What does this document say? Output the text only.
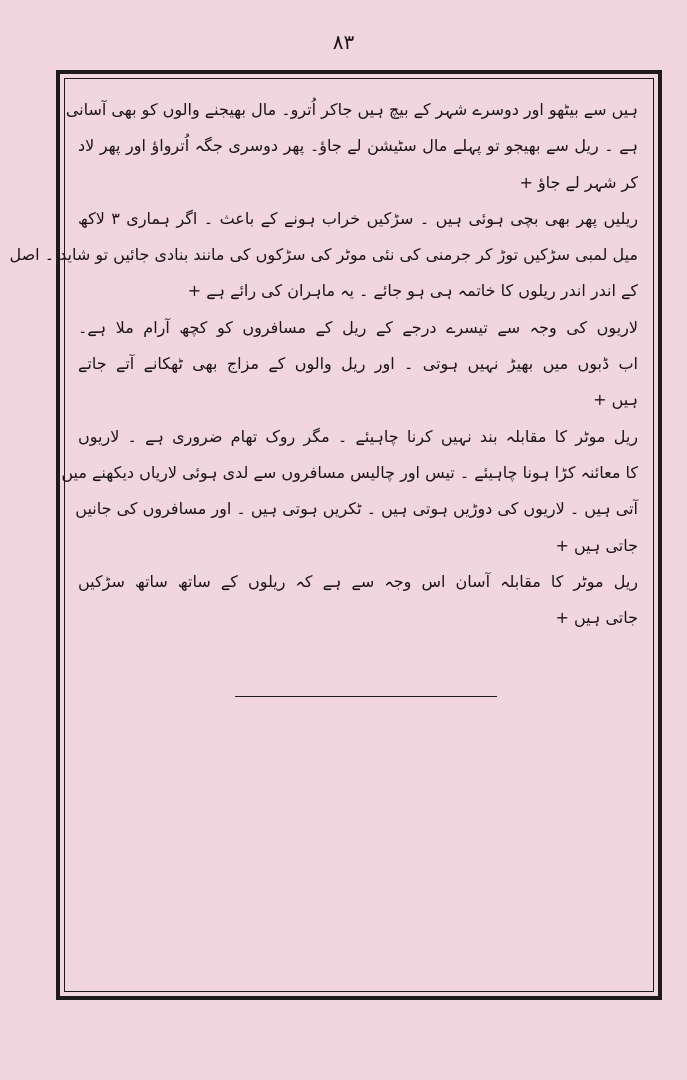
۸۳
ہیں سے بیٹھو اور دوسرے شہر کے بیچ ہیں جاکر اُترو۔ مال بھیجنے والوں کو بھی آسانی
ہے ۔ ریل سے بھیجو تو پہلے مال سٹیشن لے جاؤ۔ پھر دوسری جگہ اُترواؤ اور پھر لاد
کر شہر لے جاؤ +
ریلیں پھر بھی بچی ہوئی ہیں ۔ سڑکیں خراب ہونے کے باعث ۔ اگر ہماری ۳ لاکھ
میل لمبی سڑکیں توڑ کر جرمنی کی نئی موٹر کی سڑکوں کی مانند بنادی جائیں تو شاید ۔ اصل
کے اندر اندر ریلوں کا خاتمہ ہی ہو جائے ۔ یہ ماہران کی رائے ہے +
لاریوں کی وجہ سے تیسرے درجے کے ریل کے مسافروں کو کچھ آرام ملا ہے۔
اب ڈبوں میں بھیڑ نہیں ہوتی ۔ اور ریل والوں کے مزاج بھی ٹھکانے آتے جاتے
ہیں +
ریل موٹر کا مقابلہ بند نہیں کرنا چاہیئے ۔ مگر روک تھام ضروری ہے ۔ لاریوں
کا معائنہ کڑا ہونا چاہیئے ۔ تیس اور چالیس مسافروں سے لدی ہوئی لاریاں دیکھنے میں
آتی ہیں ۔ لاریوں کی دوڑیں ہوتی ہیں ۔ ٹکریں ہوتی ہیں ۔ اور مسافروں کی جانیں
جاتی ہیں +
ریل موٹر کا مقابلہ آسان اس وجہ سے ہے کہ ریلوں کے ساتھ ساتھ سڑکیں
جاتی ہیں +
